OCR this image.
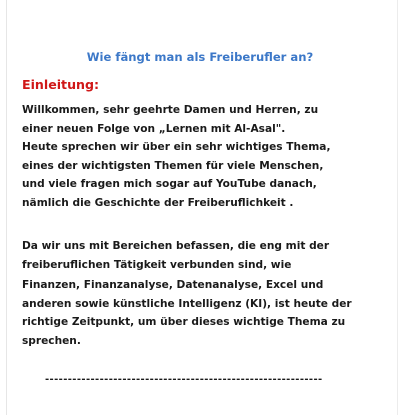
Wie fängt man als Freiberufler an?
Einleitung:

Willkommen, sehr geehrte Damen und Herren, zu
einer neuen Folge von „Lernen mit Al-Asal".

Heute sprechen wir über ein sehr wichtiges Thema,
eines der wichtigsten Themen für viele Menschen,
und viele fragen mich sogar auf YouTube danach,
nämlich die Geschichte der Freiberuflichkeit .

Da wir uns mit Bereichen befassen, die eng mit der
freiberuflichen Tätigkeit verbunden sind, wie

Finanzen, Finanzanalyse, Datenanalyse, Excel und
anderen sowie künstliche Intelligenz (KI), ist heute der
richtige Zeitpunkt, um über dieses wichtige Thema zu
sprechen.

-------------------------------------------------------------
